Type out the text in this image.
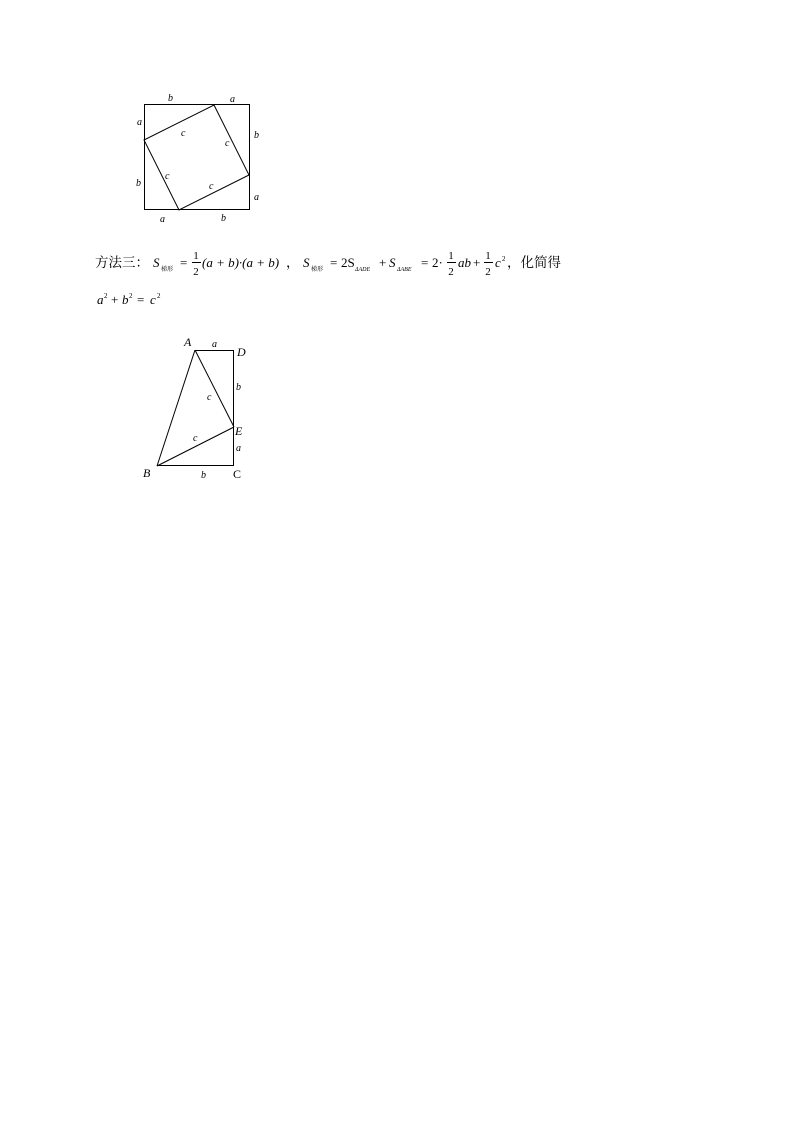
b	a
a
b
b
a
a	b
c
c
c
c
方法三： S 梯形 = 1
2
(a + b)·(a + b) ， S 梯形 = 2S ΔADE + S ΔABE = 2· 1
2
ab + 1
2
c 2 ，化简得
a 2 + b 2 = c 2
A
D
E
B	C
a
b
a
b
c
c
